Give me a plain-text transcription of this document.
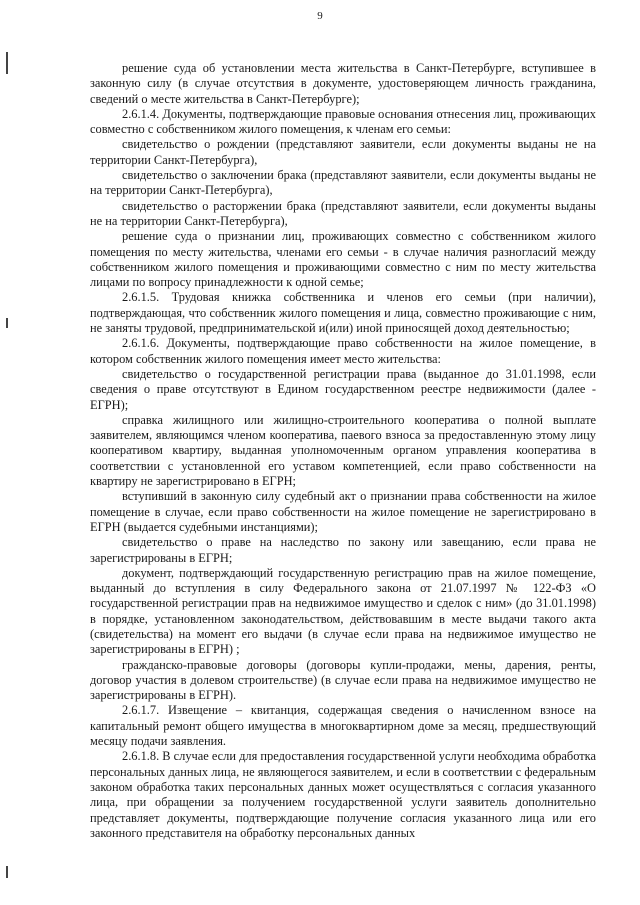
9

решение суда об установлении места жительства в Санкт-Петербурге, вступившее в законную силу (в случае отсутствия в документе, удостоверяющем личность гражданина, сведений о месте жительства в Санкт-Петербурге);

2.6.1.4. Документы, подтверждающие правовые основания отнесения лиц, проживающих совместно с собственником жилого помещения, к членам его семьи:

свидетельство о рождении (представляют заявители, если документы выданы не на территории Санкт-Петербурга),

свидетельство о заключении брака (представляют заявители, если документы выданы не на территории Санкт-Петербурга),

свидетельство о расторжении брака (представляют заявители, если документы выданы не на территории Санкт-Петербурга),

решение суда о признании лиц, проживающих совместно с собственником жилого помещения по месту жительства, членами его семьи - в случае наличия разногласий между собственником жилого помещения и проживающими совместно с ним по месту жительства лицами по вопросу принадлежности к одной семье;

2.6.1.5. Трудовая книжка собственника и членов его семьи (при наличии), подтверждающая, что собственник жилого помещения и лица, совместно проживающие с ним, не заняты трудовой, предпринимательской и(или) иной приносящей доход деятельностью;

2.6.1.6. Документы, подтверждающие право собственности на жилое помещение, в котором собственник жилого помещения имеет место жительства:

свидетельство о государственной регистрации права (выданное до 31.01.1998, если сведения о праве отсутствуют в Едином государственном реестре недвижимости (далее - ЕГРН);

справка жилищного или жилищно-строительного кооператива о полной выплате заявителем, являющимся членом кооператива, паевого взноса за предоставленную этому лицу кооперативом квартиру, выданная уполномоченным органом управления кооператива в соответствии с установленной его уставом компетенцией, если право собственности на квартиру не зарегистрировано в ЕГРН;

вступивший в законную силу судебный акт о признании права собственности на жилое помещение в случае, если право собственности на жилое помещение не зарегистрировано в ЕГРН (выдается судебными инстанциями);

свидетельство о праве на наследство по закону или завещанию, если права не зарегистрированы в ЕГРН;

документ, подтверждающий государственную регистрацию прав на жилое помещение, выданный до вступления в силу Федерального закона от 21.07.1997 № 122-ФЗ «О государственной регистрации прав на недвижимое имущество и сделок с ним» (до 31.01.1998) в порядке, установленном законодательством, действовавшим в месте выдачи такого акта (свидетельства) на момент его выдачи (в случае если права на недвижимое имущество не зарегистрированы в ЕГРН) ;

гражданско-правовые договоры (договоры купли-продажи, мены, дарения, ренты, договор участия в долевом строительстве) (в случае если права на недвижимое имущество не зарегистрированы в ЕГРН).

2.6.1.7. Извещение – квитанция, содержащая сведения о начисленном взносе на капитальный ремонт общего имущества в многоквартирном доме за месяц, предшествующий месяцу подачи заявления.

2.6.1.8. В случае если для предоставления государственной услуги необходима обработка персональных данных лица, не являющегося заявителем, и если в соответствии с федеральным законом обработка таких персональных данных может осуществляться с согласия указанного лица, при обращении за получением государственной услуги заявитель дополнительно представляет документы, подтверждающие получение согласия указанного лица или его законного представителя на обработку персональных данных
